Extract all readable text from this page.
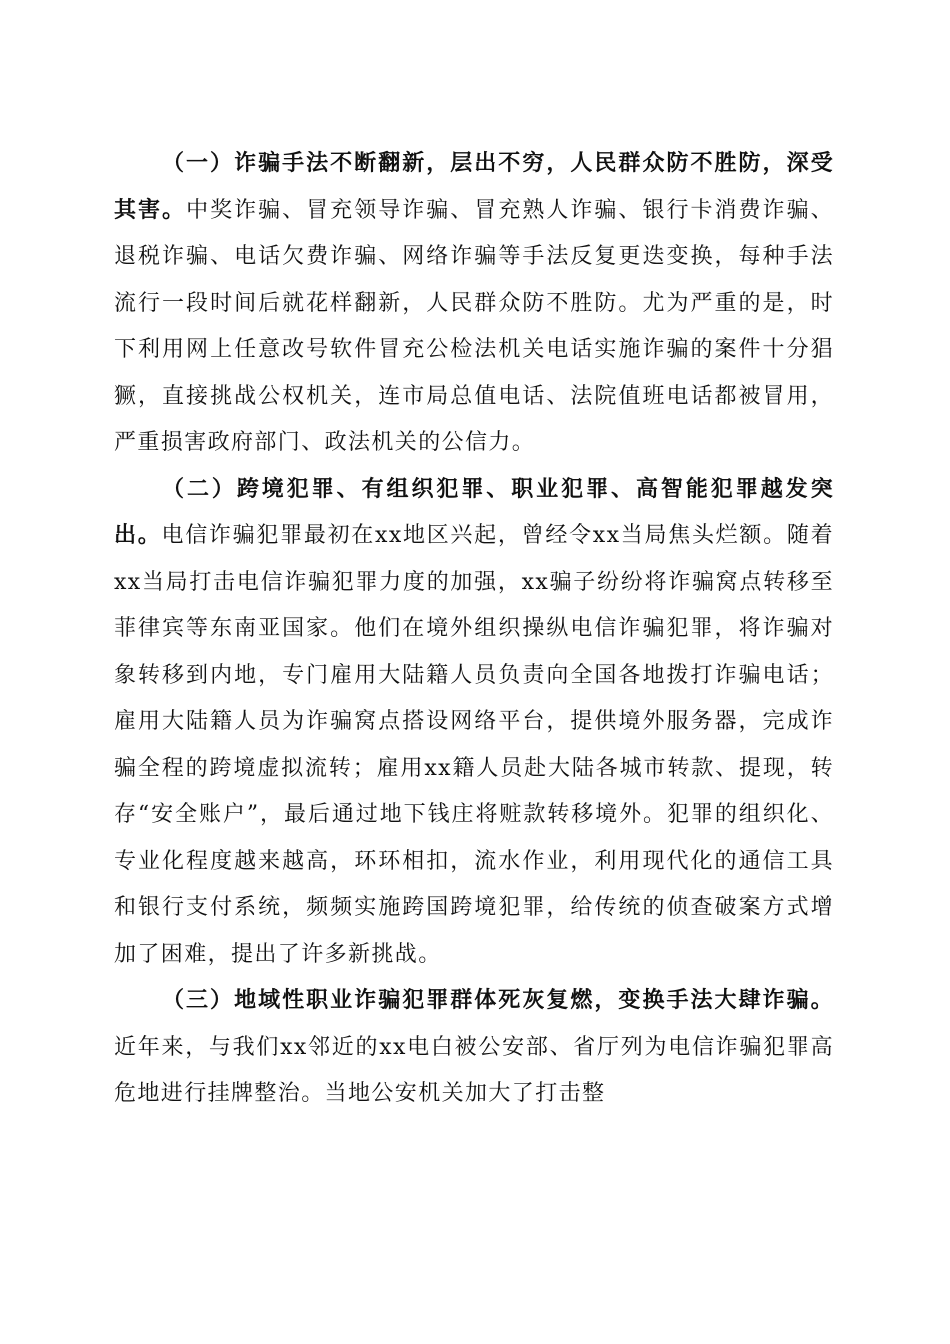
（一）诈骗手法不断翻新，层出不穷，人民群众防不胜防，深受其害。中奖诈骗、冒充领导诈骗、冒充熟人诈骗、银行卡消费诈骗、退税诈骗、电话欠费诈骗、网络诈骗等手法反复更迭变换，每种手法流行一段时间后就花样翻新，人民群众防不胜防。尤为严重的是，时下利用网上任意改号软件冒充公检法机关电话实施诈骗的案件十分猖獗，直接挑战公权机关，连市局总值电话、法院值班电话都被冒用，严重损害政府部门、政法机关的公信力。

（二）跨境犯罪、有组织犯罪、职业犯罪、高智能犯罪越发突出。电信诈骗犯罪最初在xx地区兴起，曾经令xx当局焦头烂额。随着xx当局打击电信诈骗犯罪力度的加强，xx骗子纷纷将诈骗窝点转移至菲律宾等东南亚国家。他们在境外组织操纵电信诈骗犯罪，将诈骗对象转移到内地，专门雇用大陆籍人员负责向全国各地拨打诈骗电话；雇用大陆籍人员为诈骗窝点搭设网络平台，提供境外服务器，完成诈骗全程的跨境虚拟流转；雇用xx籍人员赴大陆各城市转款、提现，转存“安全账户”，最后通过地下钱庄将赃款转移境外。犯罪的组织化、专业化程度越来越高，环环相扣，流水作业，利用现代化的通信工具和银行支付系统，频频实施跨国跨境犯罪，给传统的侦查破案方式增加了困难，提出了许多新挑战。

（三）地域性职业诈骗犯罪群体死灰复燃，变换手法大肆诈骗。近年来，与我们xx邻近的xx电白被公安部、省厅列为电信诈骗犯罪高危地进行挂牌整治。当地公安机关加大了打击整
